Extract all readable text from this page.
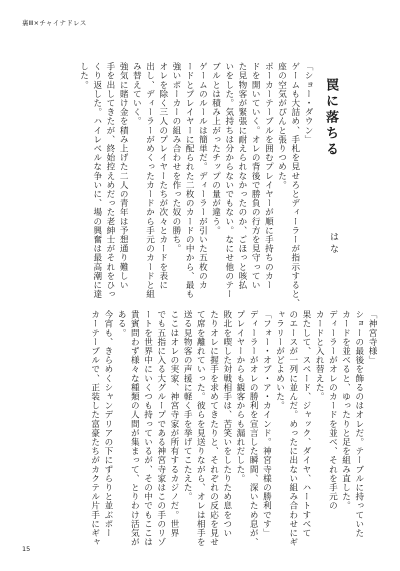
裏Ⅲ×チャイナドレス
罠に落ちる
はな

「ショー・ダウン」

ゲームも大詰め、手札を見せろとディーラーが指示すると、

座の空気がぴんと張りつめた。

ポーカーテーブルを囲むプレイヤーが順に手持ちのカー

ドを開いていく。オレの背後で勝負の行方を見守ってい

た見物客が緊張に耐えられなかったのか、ごほっと咳払

いをした。気持ちは分からないでもない。なにせ他のテー

ブルとは積み上がったチップの量が違う。

ゲームのルールは簡単だ。ディーラーが引いた五枚のカ

ードとプレイヤーに配られた二枚のカードの中から、最も

強いポーカーの組み合わせを作った奴の勝ち。

オレを除く三人のプレイヤーたちが次々とカードを表に

出し、ディーラーがめくったカードから手元のカードと組

み替えていく。

強気に賭け金を積み上げた二人の青年は予想通り難しい

手を出してきたが、終始控えめだった老紳士がそれをひっ

くり返した。ハイレベルな争いに、場の興奮は最高潮に達

した。

「神宮寺様」

ショーの最後を飾るのはオレだ。テーブルに持っていた

カードを並べると、ゆったりと足を組み直した。

ディーラーがオレのカードを並べ、それを手元の

カードと入れ替えた。

果たして、スペード、ジャック、ダイヤ、ハートすべて

のエースが一列に並んだ。めったに出ない組み合わせにギ

ャラリーがどよめいた。

「フォー・オブ・ア・カインド。神宮寺様の勝利です」

ディーラーがオレの勝利を宣言した瞬間、深いため息が、

プレイヤーからも観客からも漏れだした。

敗北を喫した対戦相手は、苦笑いをしたりため息をつい

たりオレに握手を求めてきたりと、それぞれの反応を見せ

て席を離れていった。彼らを見送りながら、オレは相手を

送る見物客の声援に軽く手を挙げてこたえた。

ここはオレの実家、神宮寺家が所有するカジノだ。世界

でも五指に入る大グループである神宮寺家はこの手のリゾ

ートを世界中にいくつも持っているが、その中でもここは

貴賓問わず様々な種類の人間が集まって、とりわけ活気が

ある。

今宵も、きらめくシャンデリアの下にずらりと並ぶポー

カーテーブルで、正装した富豪たちがカクテル片手にギャ

15
